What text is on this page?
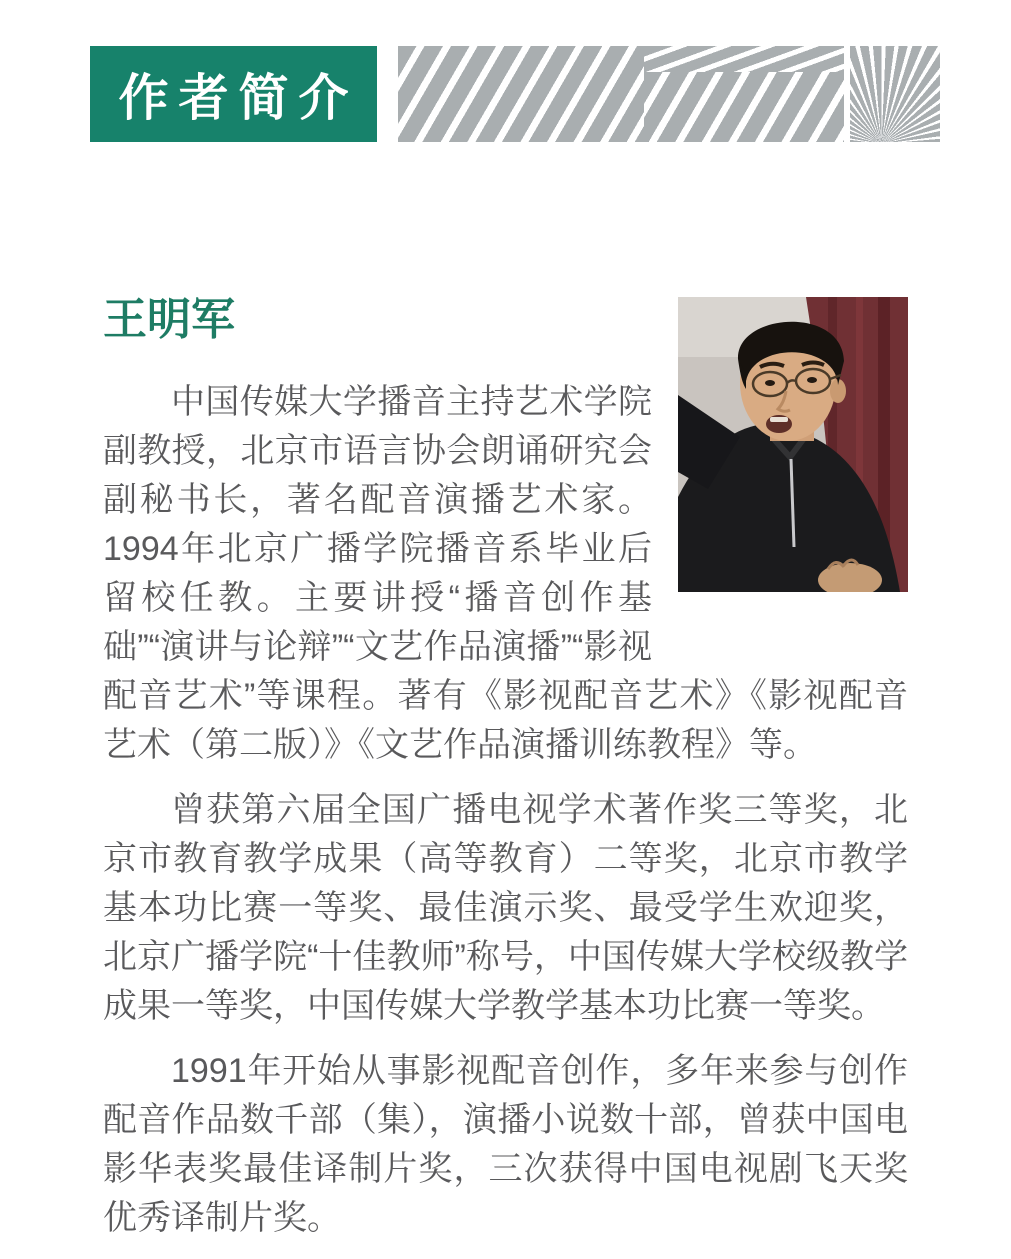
作者简介
王明军

中国传媒大学播音主持艺术学院副教授，北京市语言协会朗诵研究会副秘书长，著名配音演播艺术家。1994年北京广播学院播音系毕业后留校任教。主要讲授“播音创作基础”“演讲与论辩”“文艺作品演播”“影视配音艺术”等课程。著有《影视配音艺术》《影视配音艺术（第二版）》《文艺作品演播训练教程》等。

曾获第六届全国广播电视学术著作奖三等奖，北京市教育教学成果（高等教育）二等奖，北京市教学基本功比赛一等奖、最佳演示奖、最受学生欢迎奖，北京广播学院“十佳教师”称号，中国传媒大学校级教学成果一等奖，中国传媒大学教学基本功比赛一等奖。

1991年开始从事影视配音创作，多年来参与创作配音作品数千部（集），演播小说数十部，曾获中国电影华表奖最佳译制片奖，三次获得中国电视剧飞天奖优秀译制片奖。
